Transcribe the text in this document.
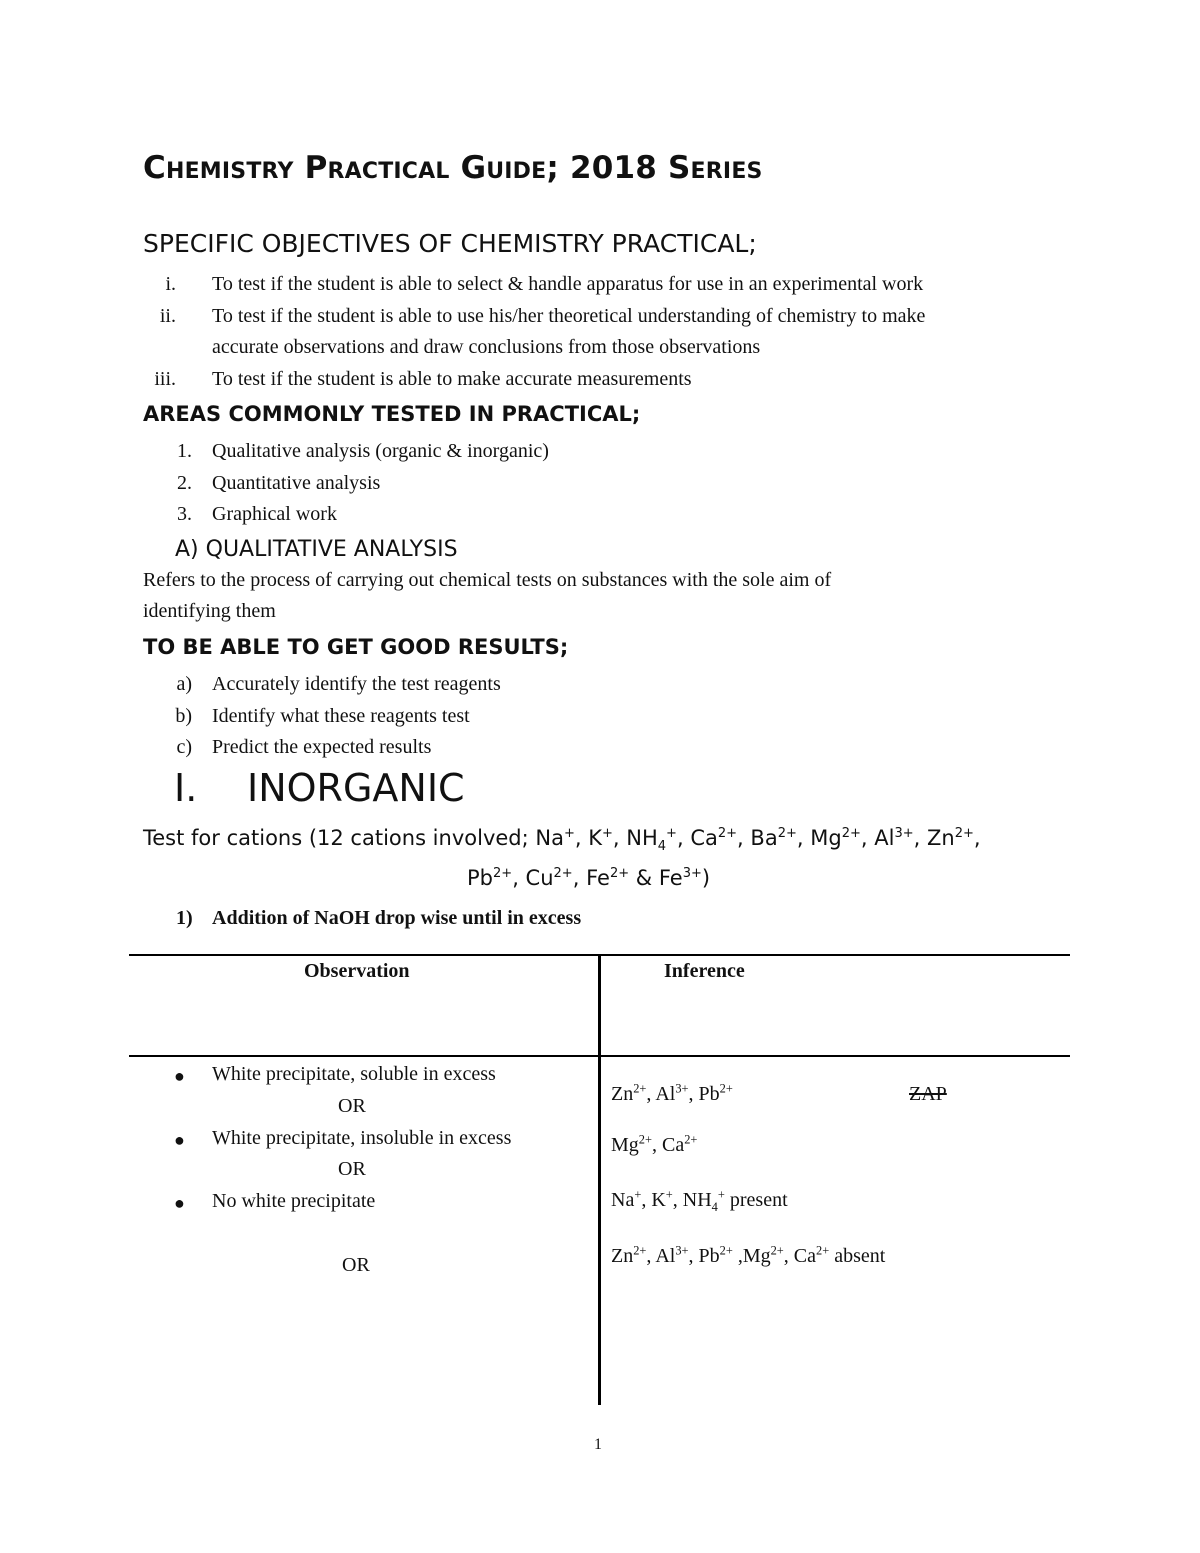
Chemistry Practical Guide; 2018 Series
SPECIFIC OBJECTIVES OF CHEMISTRY PRACTICAL;
i. To test if the student is able to select & handle apparatus for use in an experimental work
ii. To test if the student is able to use his/her theoretical understanding of chemistry to make
accurate observations and draw conclusions from those observations
iii. To test if the student is able to make accurate measurements
AREAS COMMONLY TESTED IN PRACTICAL;
1. Qualitative analysis (organic & inorganic)
2. Quantitative analysis
3. Graphical work
A) QUALITATIVE ANALYSIS
Refers to the process of carrying out chemical tests on substances with the sole aim of
identifying them
TO BE ABLE TO GET GOOD RESULTS;
a) Accurately identify the test reagents
b) Identify what these reagents test
c) Predict the expected results
I. INORGANIC
Test for cations (12 cations involved; Na+, K+, $NH_4^+$, $Ca^{2+}$, $Ba^{2+}$, $Mg^{2+}$, $Al^{3+}$, $Zn^{2+}$,
$Pb^{2+}$, $Cu^{2+}$, $Fe^{2+}$ & $Fe^{3+}$)
1) Addition of NaOH drop wise until in excess
Observation	Inference
● White precipitate, soluble in excess
OR
● White precipitate, insoluble in excess
OR
● No white precipitate
OR
$Zn^{2+}$, $Al^{3+}$, $Pb^{2+}$	ZAP
$Mg^{2+}$, $Ca^{2+}$
Na+, K+, $NH_4^+$ present
$Zn^{2+}$, $Al^{3+}$, $Pb^{2+}$ $,Mg^{2+}$, $Ca^{2+}$ absent
1
